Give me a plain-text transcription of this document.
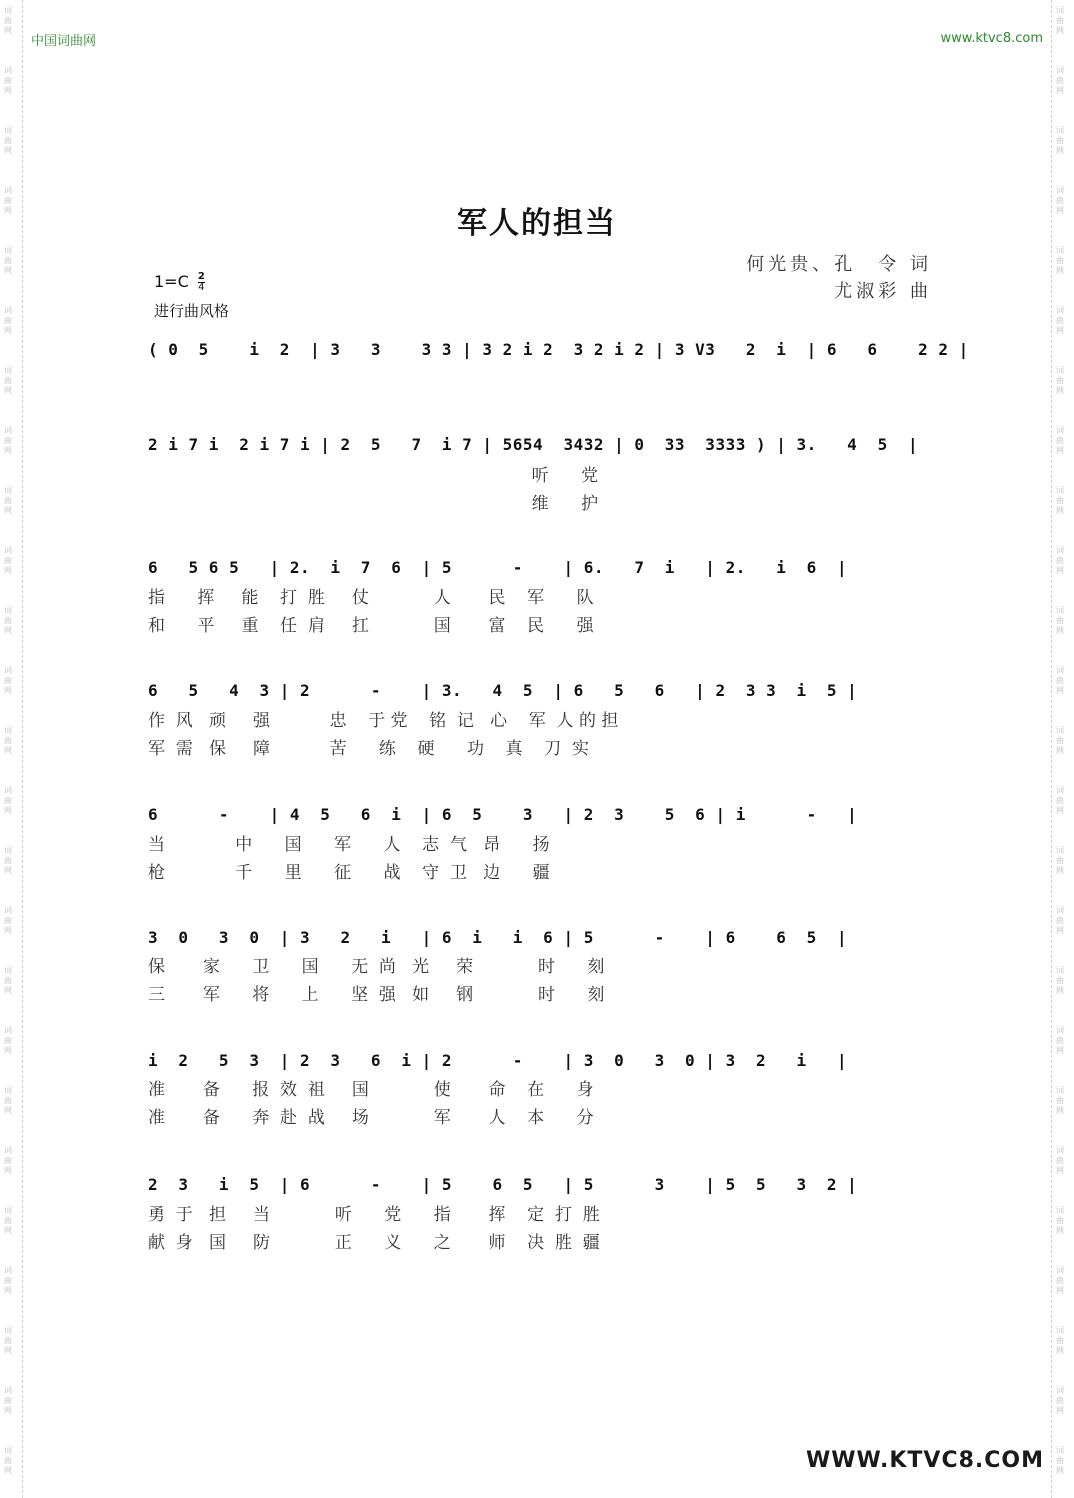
词
曲
网
词
曲
网
词
曲
网
词
曲
网
词
曲
网
词
曲
网
词
曲
网
词
曲
网
词
曲
网
词
曲
网
词
曲
网
词
曲
网
词
曲
网
词
曲
网
词
曲
网
词
曲
网
词
曲
网
词
曲
网
词
曲
网
词
曲
网
词
曲
网
词
曲
网
词
曲
网
词
曲
网
词
曲
网
词
曲
网
词
曲
网
词
曲
网
词
曲
网
词
曲
网
词
曲
网
词
曲
网
词
曲
网
词
曲
网
词
曲
网
词
曲
网
词
曲
网
词
曲
网
词
曲
网
词
曲
网
词
曲
网
词
曲
网
词
曲
网
词
曲
网
词
曲
网
词
曲
网
词
曲
网
词
曲
网
词
曲
网
词
曲
网
中国词曲网	www.ktvc8.com
军人的担当
何光贵、孔　令 词
尤淑彩 曲
$1=C \frac{2}{4}$
进行曲风格
( 0  5    i  2  | 3   3    3 3 | 3 2 i 2  3 2 i 2 | 3 V3   2  i  | 6   6    2 2 |
2 i 7 i  2 i 7 i | 2  5   7  i 7 | 5654  3432 | 0  33  3333 ) | 3.   4  5  |
听      党
维      护
6   5 6 5   | 2.  i  7  6  | 5      -    | 6.   7  i   | 2.   i  6  |
指      挥     能    打  胜     仗            人       民    军      队
和      平     重    任  肩     扛            国       富    民      强
6   5   4  3 | 2      -    | 3.   4  5  | 6   5   6   | 2  3 3  i  5 |
作  风   顽     强           忠    于 党    铭  记   心    军  人 的 担
军  需   保     障           苦      练    硬      功    真    刀  实
6      -    | 4  5   6  i  | 6  5    3   | 2  3    5  6 | i      -   |
当             中      国      军      人    志  气   昂      扬
枪             千      里      征      战    守  卫   边      疆
3  0   3  0  | 3   2   i   | 6  i   i  6 | 5      -    | 6    6  5  |
保       家      卫      国      无  尚   光     荣            时      刻
三       军      将      上      坚  强   如     钢            时      刻
i  2   5  3  | 2  3   6  i | 2      -    | 3  0   3  0 | 3  2   i   |
准       备      报  效  祖     国            使       命    在      身
准       备      奔  赴  战     场            军       人    本      分
2  3   i  5  | 6      -    | 5    6  5   | 5      3    | 5  5   3  2 |
勇  于   担     当            听      党      指       挥    定  打  胜
献  身   国     防            正      义      之       师    决  胜  疆
WWW.KTVC8.COM
